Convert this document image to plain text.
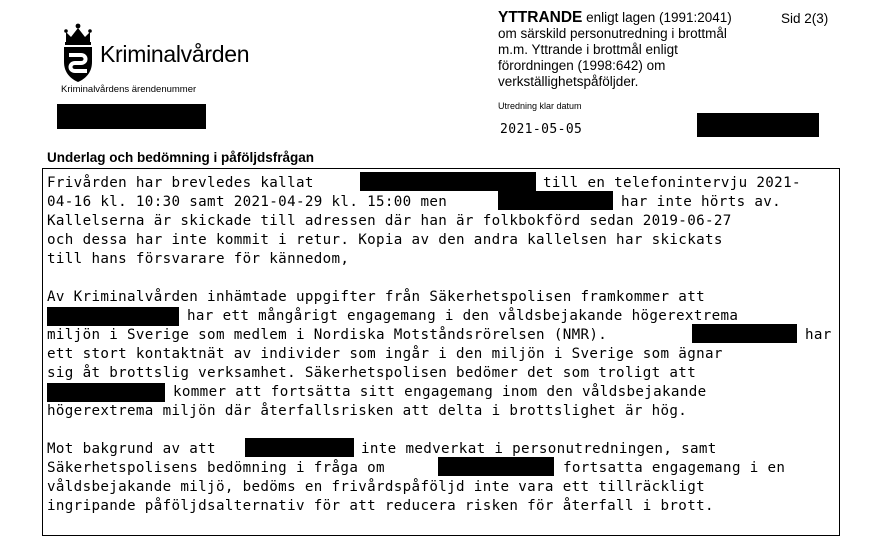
Kriminalvården
Kriminalvårdens ärendenummer
YTTRANDE enligt lagen (1991:2041)
om särskild personutredning i brottmål
m.m. Yttrande i brottmål enligt
förordningen (1998:642) om
verkställighetspåföljder.
Sid 2(3)
Utredning klar datum
2021-05-05
Underlag och bedömning i påföljdsfrågan
Frivården har brevledes kallat	till en telefonintervju 2021-
04-16 kl. 10:30 samt 2021-04-29 kl. 15:00 men	har inte hörts av.
Kallelserna är skickade till adressen där han är folkbokförd sedan 2019-06-27
och dessa har inte kommit i retur. Kopia av den andra kallelsen har skickats
till hans försvarare för kännedom,
Av Kriminalvården inhämtade uppgifter från Säkerhetspolisen framkommer att
har ett mångårigt engagemang i den våldsbejakande högerextrema
miljön i Sverige som medlem i Nordiska Motståndsrörelsen (NMR).	har
ett stort kontaktnät av individer som ingår i den miljön i Sverige som ägnar
sig åt brottslig verksamhet. Säkerhetspolisen bedömer det som troligt att
kommer att fortsätta sitt engagemang inom den våldsbejakande
högerextrema miljön där återfallsrisken att delta i brottslighet är hög.
Mot bakgrund av att	inte medverkat i personutredningen, samt
Säkerhetspolisens bedömning i fråga om	fortsatta engagemang i en
våldsbejakande miljö, bedöms en frivårdspåföljd inte vara ett tillräckligt
ingripande påföljdsalternativ för att reducera risken för återfall i brott.
